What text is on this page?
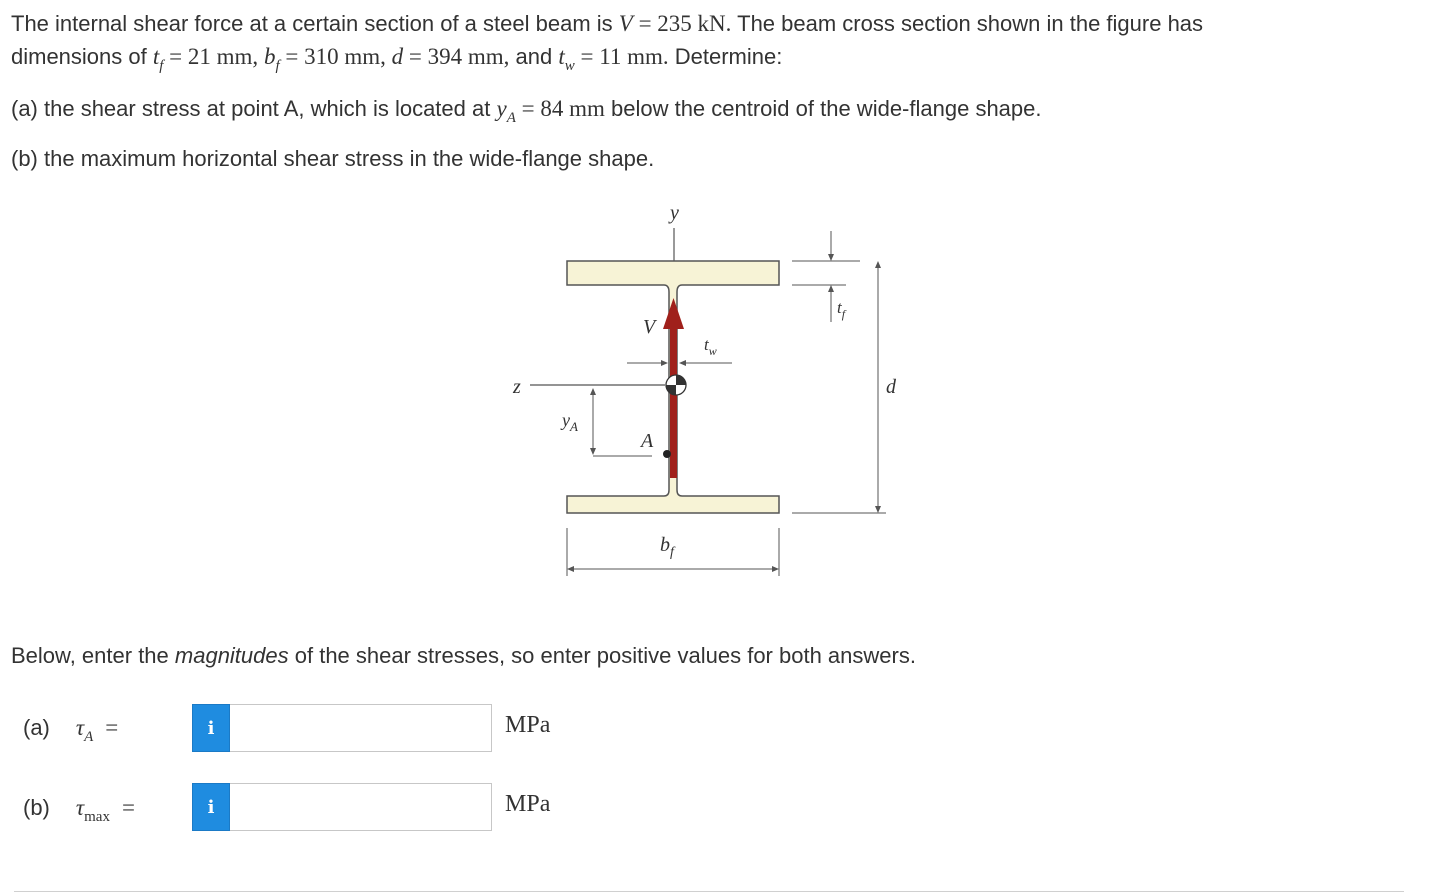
The internal shear force at a certain section of a steel beam is V = 235 kN. The beam cross section shown in the figure has
dimensions of $t_f = 21$ mm, $b_f = 310$ mm, d = 394 mm, and $t_w = 11$ mm. Determine:
(a) the shear stress at point A, which is located at $y_A = 84$ mm below the centroid of the wide-flange shape.
(b) the maximum horizontal shear stress in the wide-flange shape.
y
z
V
$t_w$
A
$y_A$
$t_f$
d
$b_f$
Below, enter the magnitudes of the shear stresses, so enter positive values for both answers.
(a) $\tau_A$ =	i	MPa
(b) $\tau_{max}$ =	i	MPa
